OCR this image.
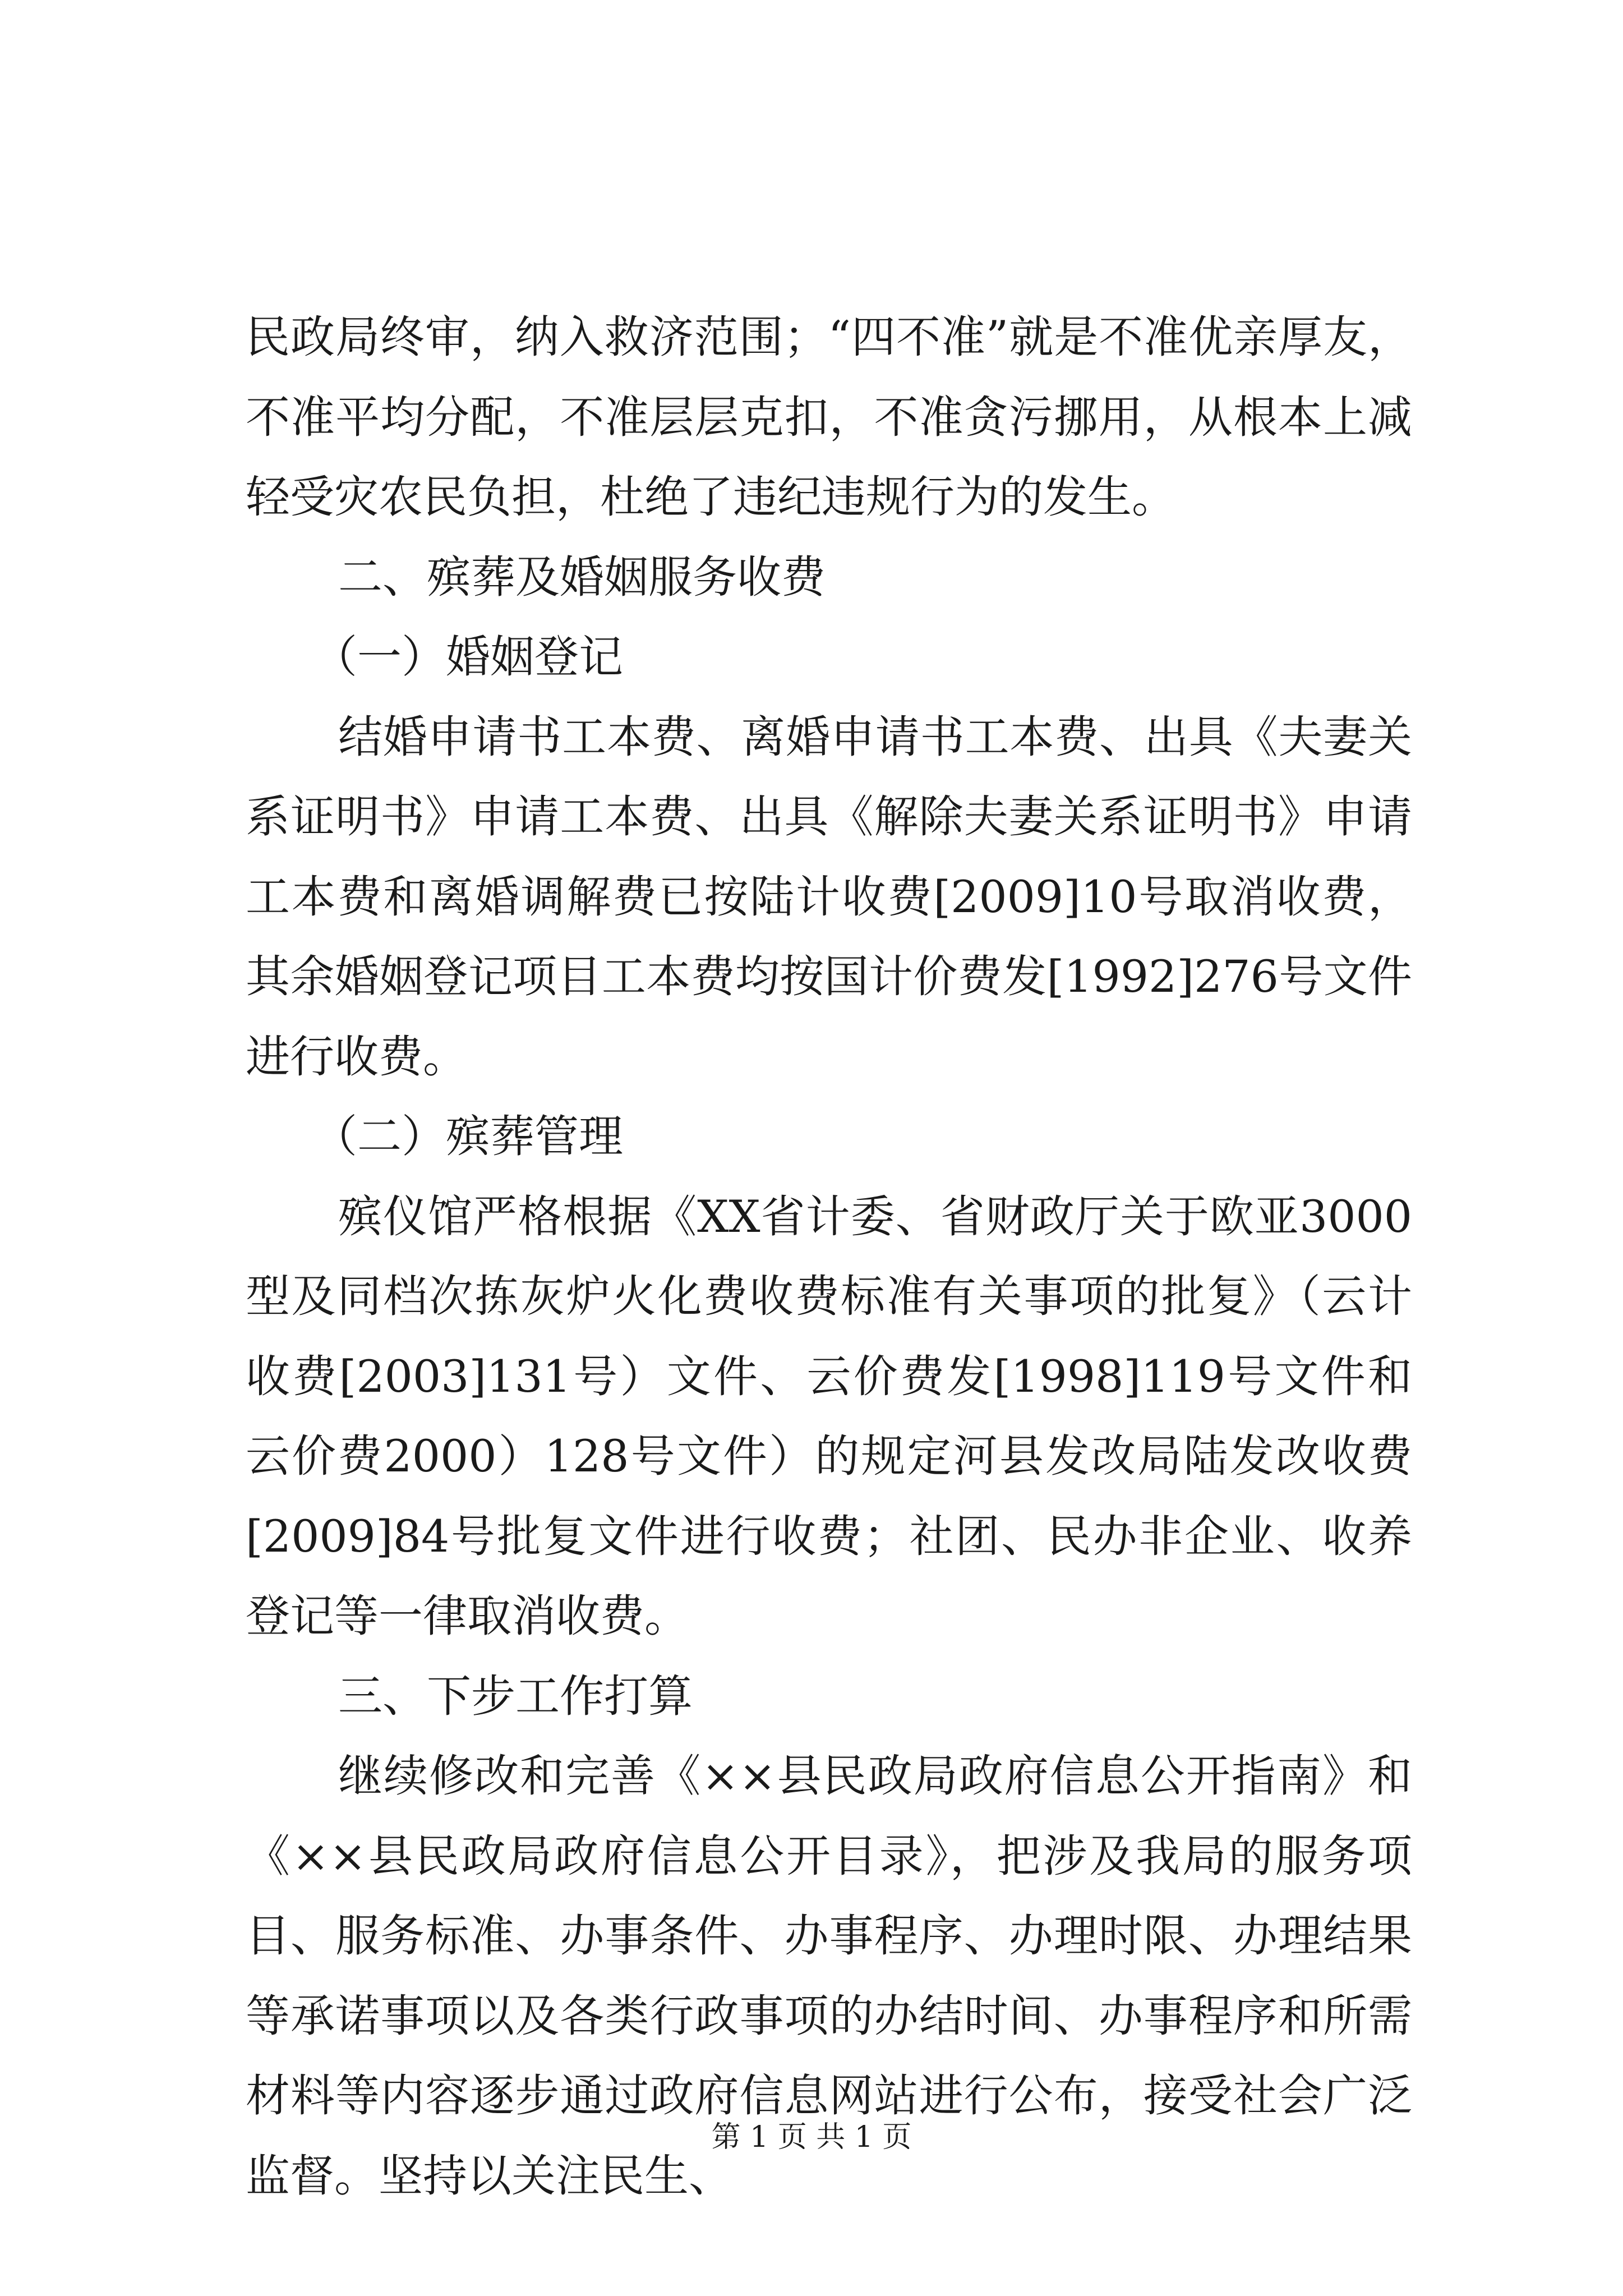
民政局终审，纳入救济范围；“四不准”就是不准优亲厚友，不准平均分配，不准层层克扣，不准贪污挪用，从根本上减轻受灾农民负担，杜绝了违纪违规行为的发生。

二、殡葬及婚姻服务收费

（一）婚姻登记

结婚申请书工本费、离婚申请书工本费、出具《夫妻关系证明书》申请工本费、出具《解除夫妻关系证明书》申请工本费和离婚调解费已按陆计收费[2009]10号取消收费，其余婚姻登记项目工本费均按国计价费发[1992]276号文件进行收费。

（二）殡葬管理

殡仪馆严格根据《XX省计委、省财政厅关于欧亚3000型及同档次拣灰炉火化费收费标准有关事项的批复》（云计收费[2003]131号）文件、云价费发[1998]119号文件和云价费2000）128号文件）的规定河县发改局陆发改收费[2009]84号批复文件进行收费；社团、民办非企业、收养登记等一律取消收费。

三、下步工作打算

继续修改和完善《××县民政局政府信息公开指南》和《××县民政局政府信息公开目录》，把涉及我局的服务项目、服务标准、办事条件、办事程序、办理时限、办理结果等承诺事项以及各类行政事项的办结时间、办事程序和所需材料等内容逐步通过政府信息网站进行公布，接受社会广泛监督。坚持以关注民生、

第 1 页 共 1 页
